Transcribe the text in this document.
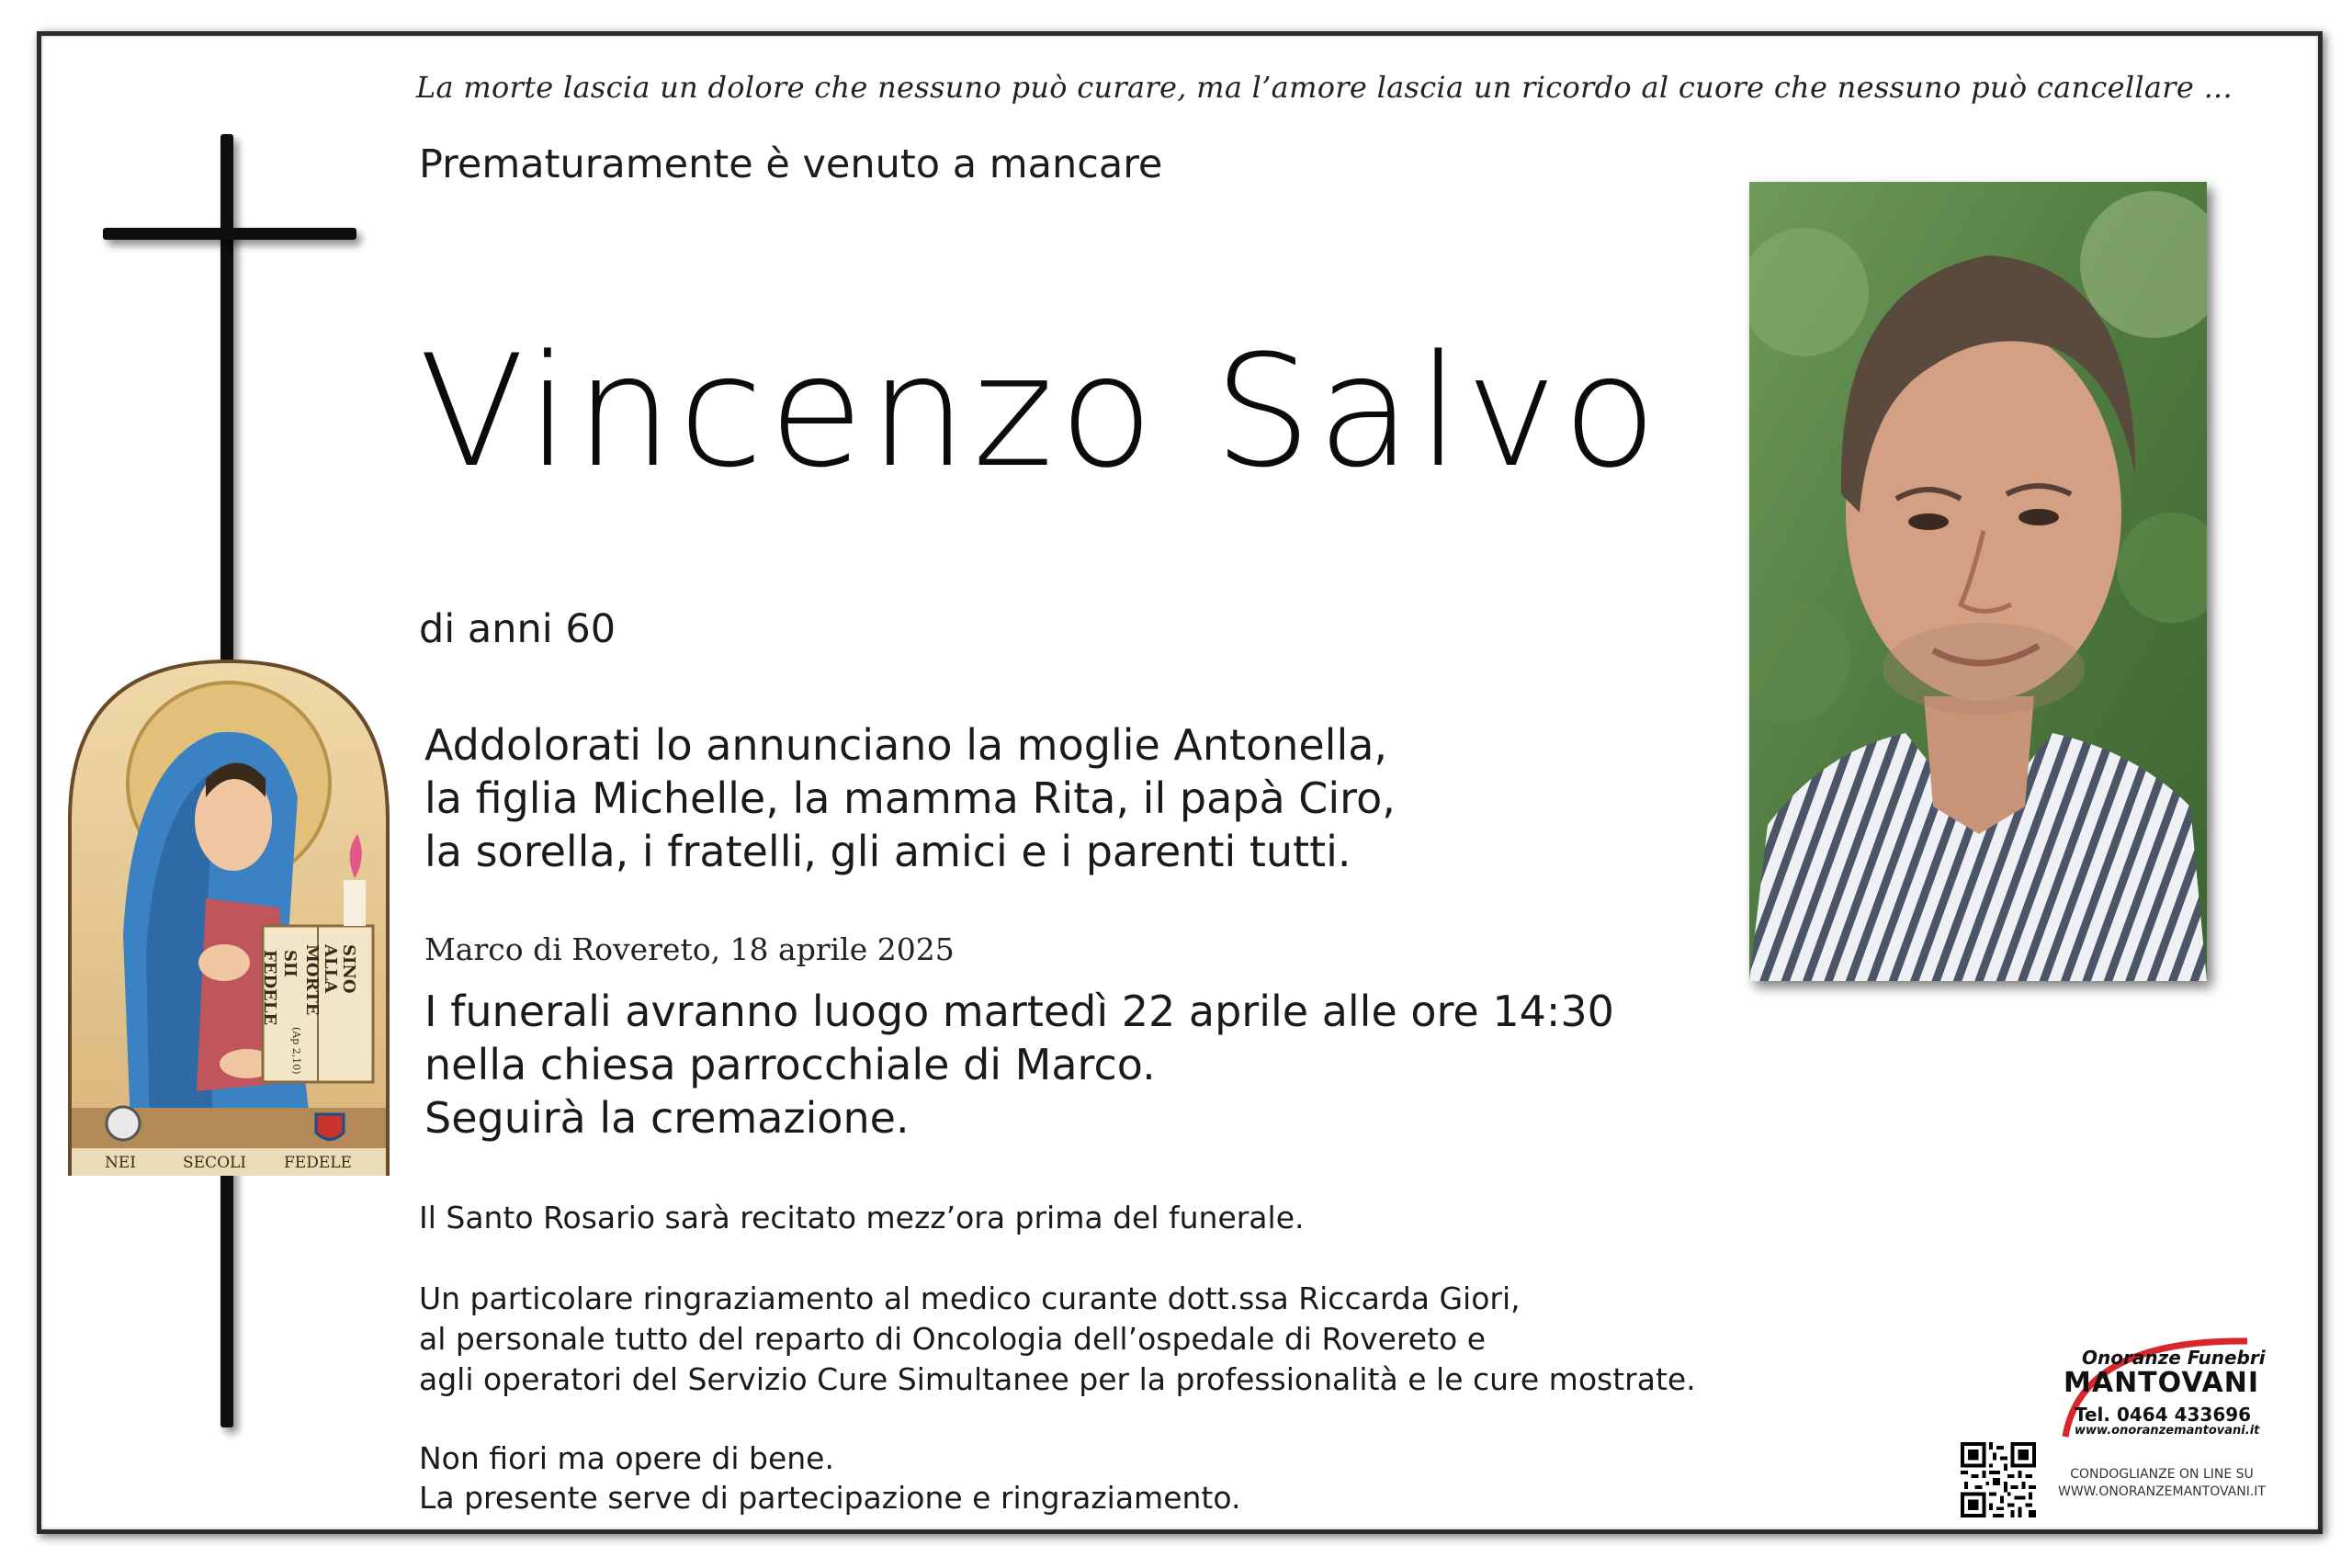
La morte lascia un dolore che nessuno può curare, ma l’amore lascia un ricordo al cuore che nessuno può cancellare ...
SII
FEDELE	SINO
ALLA
MORTE
(Ap 2,10)
NEI	SECOLI FEDELE
Prematuramente è venuto a mancare
Vincenzo Salvo
di anni 60
Addolorati lo annunciano la moglie Antonella,
la figlia Michelle, la mamma Rita, il papà Ciro,
la sorella, i fratelli, gli amici e i parenti tutti.
Marco di Rovereto, 18 aprile 2025
I funerali avranno luogo martedì 22 aprile alle ore 14:30
nella chiesa parrocchiale di Marco.
Seguirà la cremazione.
Il Santo Rosario sarà recitato mezz’ora prima del funerale.
Un particolare ringraziamento al medico curante dott.ssa Riccarda Giori,
al personale tutto del reparto di Oncologia dell’ospedale di Rovereto e
agli operatori del Servizio Cure Simultanee per la professionalità e le cure mostrate.
Non fiori ma opere di bene.
La presente serve di partecipazione e ringraziamento.
Onoranze Funebri
MANTOVANI
Tel. 0464 433696
www.onoranzemantovani.it
CONDOGLIANZE ON LINE SU
WWW.ONORANZEMANTOVANI.IT
